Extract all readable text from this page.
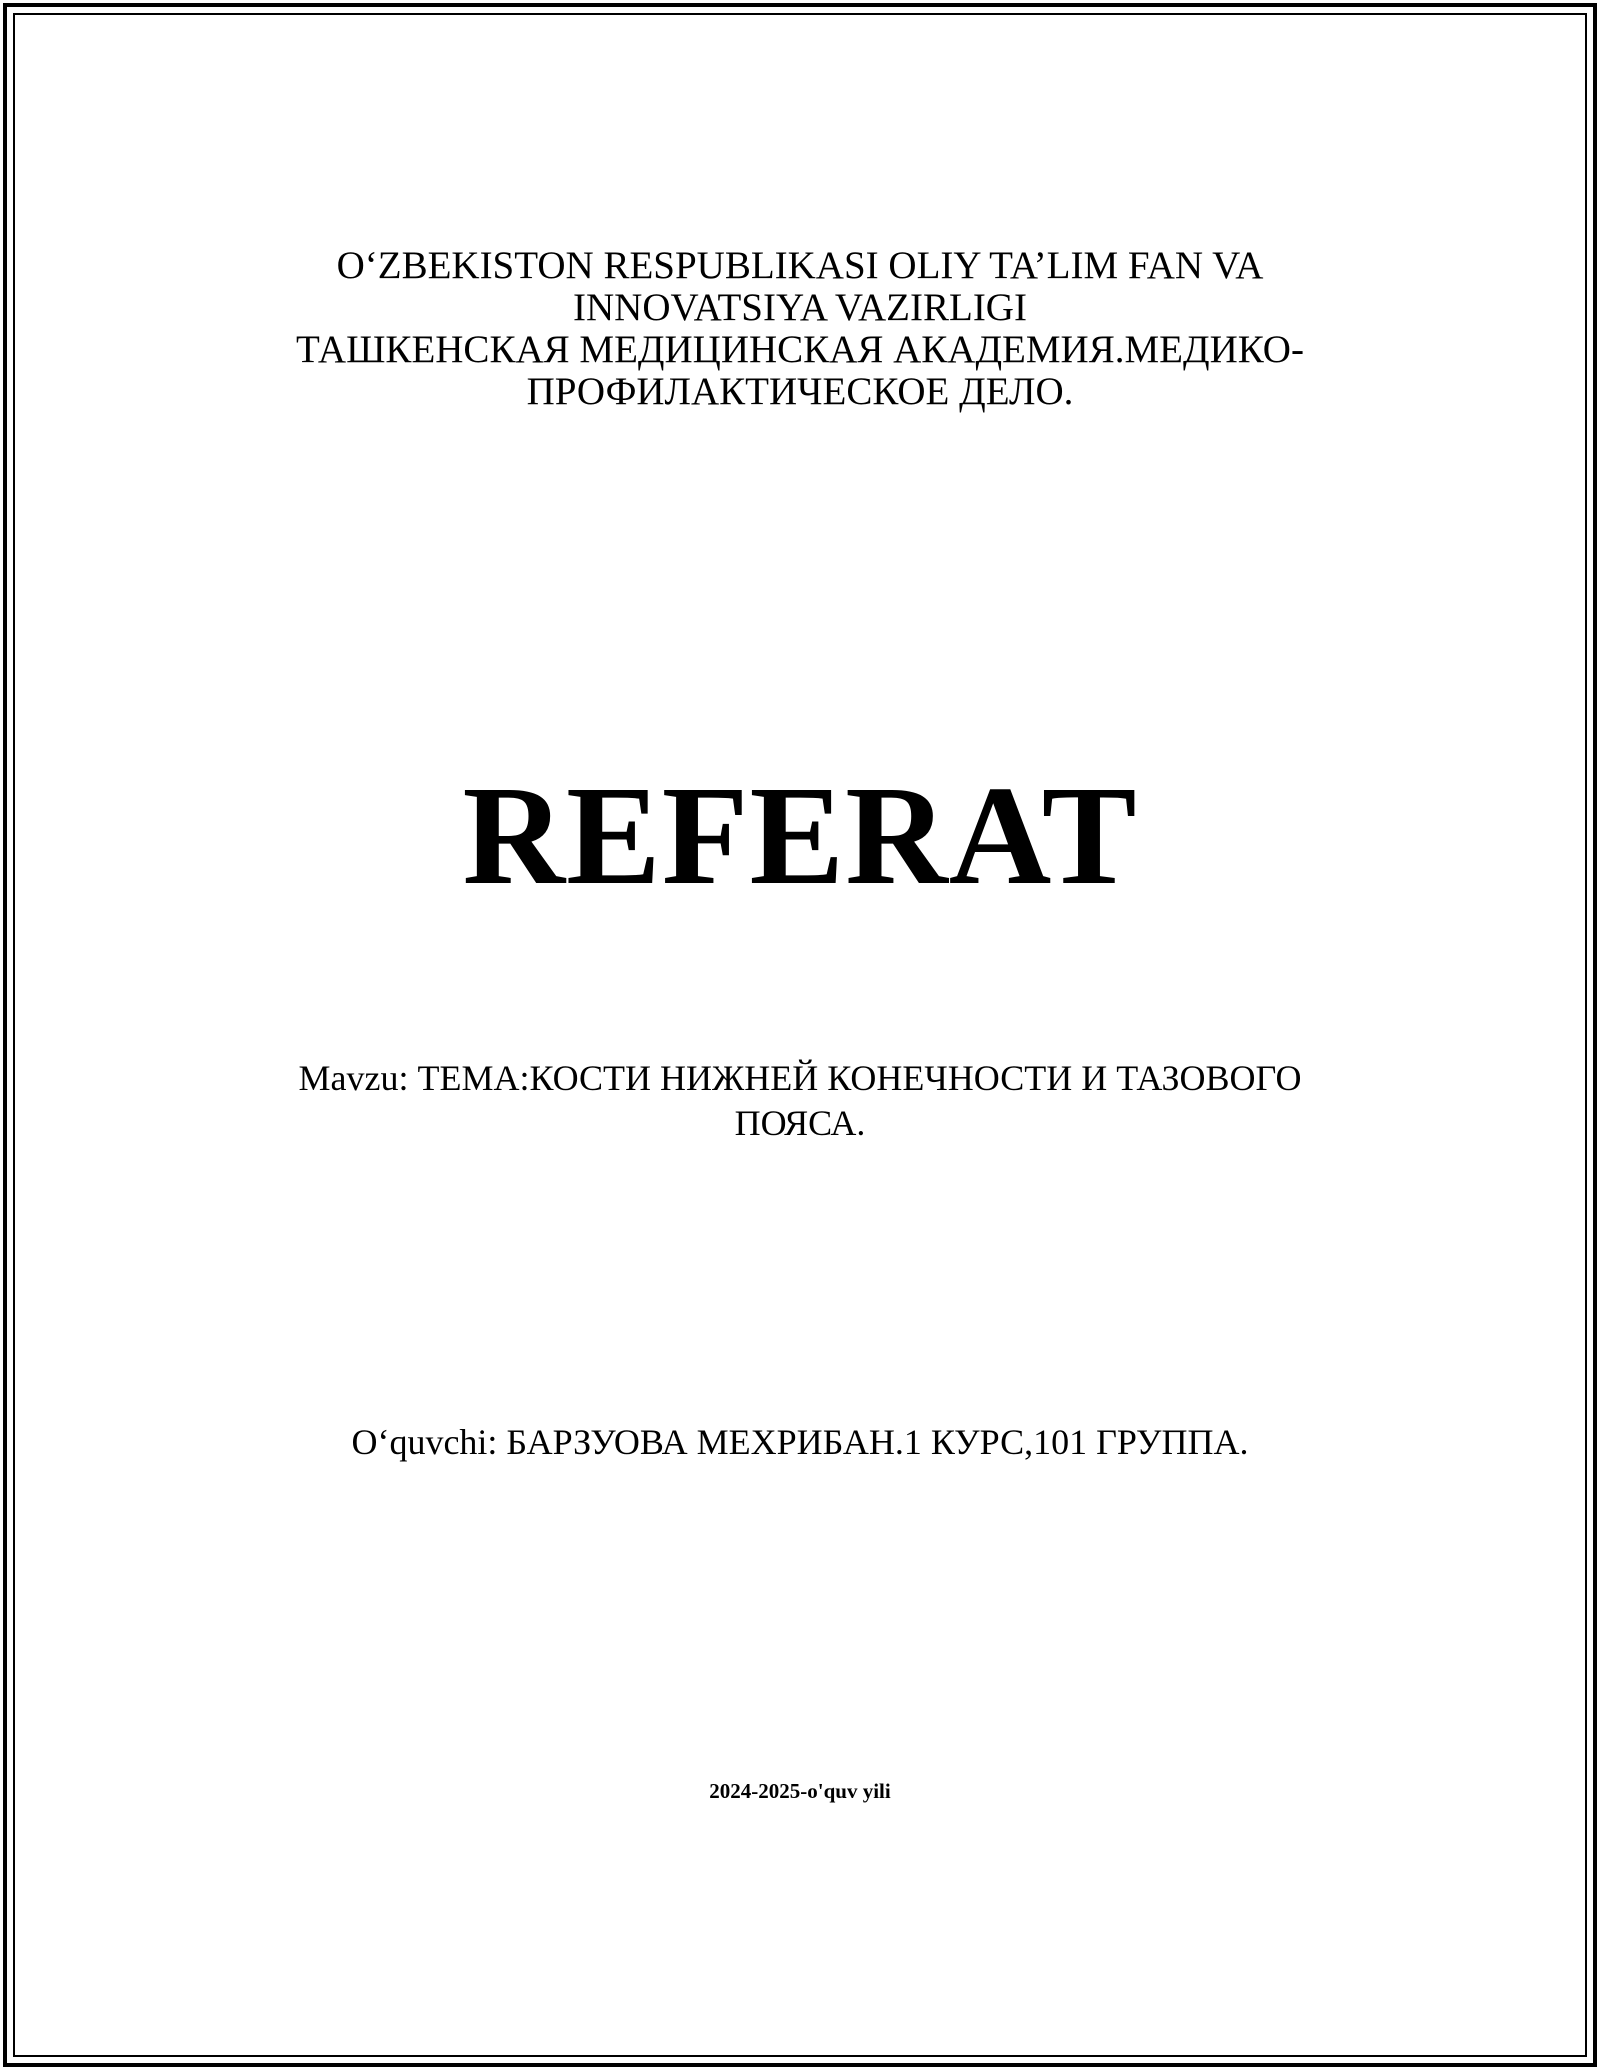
O‘ZBEKISTON RESPUBLIKASI OLIY TA’LIM FAN VA
INNOVATSIYA VAZIRLIGI
ТАШКЕНСКАЯ МЕДИЦИНСКАЯ АКАДЕМИЯ.МЕДИКО-
ПРОФИЛАКТИЧЕСКОЕ ДЕЛО.
REFERAT
Mavzu: ТЕМА:КОСТИ НИЖНЕЙ КОНЕЧНОСТИ И ТАЗОВОГО
ПОЯСА.
O‘quvchi: БАРЗУОВА МЕХРИБАН.1 КУРС,101 ГРУППА.
2024-2025-o'quv yili
